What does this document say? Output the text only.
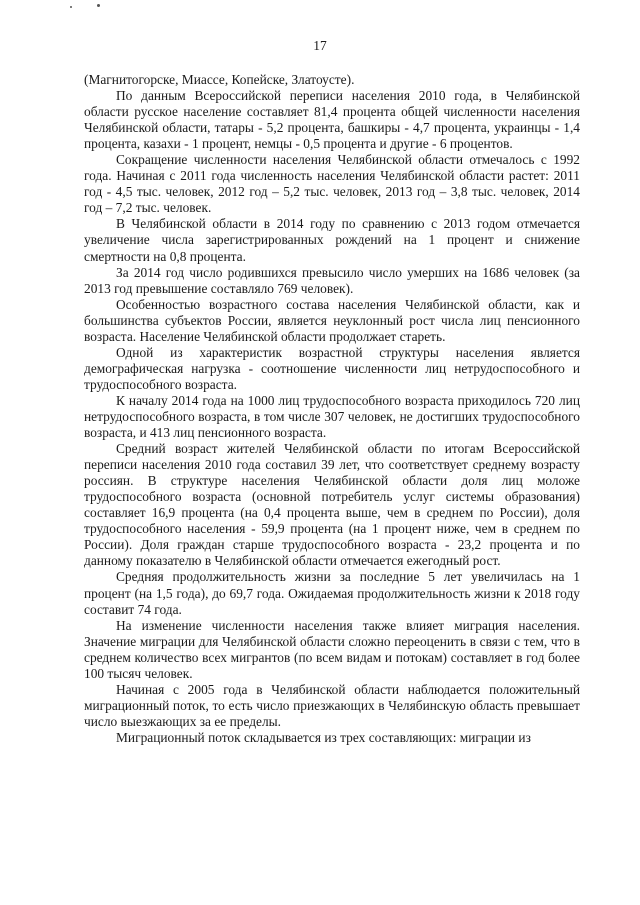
17

(Магнитогорске, Миассе, Копейске, Златоусте).

По данным Всероссийской переписи населения 2010 года, в Челябинской области русское население составляет 81,4 процента общей численности населения Челябинской области, татары - 5,2 процента, башкиры - 4,7 процента, украинцы - 1,4 процента, казахи - 1 процент, немцы - 0,5 процента и другие - 6 процентов.

Сокращение численности населения Челябинской области отмечалось с 1992 года. Начиная с 2011 года численность населения Челябинской области растет: 2011 год - 4,5 тыс. человек, 2012 год – 5,2 тыс. человек, 2013 год – 3,8 тыс. человек, 2014 год – 7,2 тыс. человек.

В Челябинской области в 2014 году по сравнению с 2013 годом отмечается увеличение числа зарегистрированных рождений на 1 процент и снижение смертности на 0,8 процента.

За 2014 год число родившихся превысило число умерших на 1686 человек (за 2013 год превышение составляло 769 человек).

Особенностью возрастного состава населения Челябинской области, как и большинства субъектов России, является неуклонный рост числа лиц пенсионного возраста. Население Челябинской области продолжает стареть.

Одной из характеристик возрастной структуры населения является демографическая нагрузка - соотношение численности лиц нетрудоспособного и трудоспособного возраста.

К началу 2014 года на 1000 лиц трудоспособного возраста приходилось 720 лиц нетрудоспособного возраста, в том числе 307 человек, не достигших трудоспособного возраста, и 413 лиц пенсионного возраста.

Средний возраст жителей Челябинской области по итогам Всероссийской переписи населения 2010 года составил 39 лет, что соответствует среднему возрасту россиян. В структуре населения Челябинской области доля лиц моложе трудоспособного возраста (основной потребитель услуг системы образования) составляет 16,9 процента (на 0,4 процента выше, чем в среднем по России), доля трудоспособного населения - 59,9 процента (на 1 процент ниже, чем в среднем по России). Доля граждан старше трудоспособного возраста - 23,2 процента и по данному показателю в Челябинской области отмечается ежегодный рост.

Средняя продолжительность жизни за последние 5 лет увеличилась на 1 процент (на 1,5 года), до 69,7 года. Ожидаемая продолжительность жизни к 2018 году составит 74 года.

На изменение численности населения также влияет миграция населения. Значение миграции для Челябинской области сложно переоценить в связи с тем, что в среднем количество всех мигрантов (по всем видам и потокам) составляет в год более 100 тысяч человек.

Начиная с 2005 года в Челябинской области наблюдается положительный миграционный поток, то есть число приезжающих в Челябинскую область превышает число выезжающих за ее пределы.

Миграционный поток складывается из трех составляющих: миграции из
